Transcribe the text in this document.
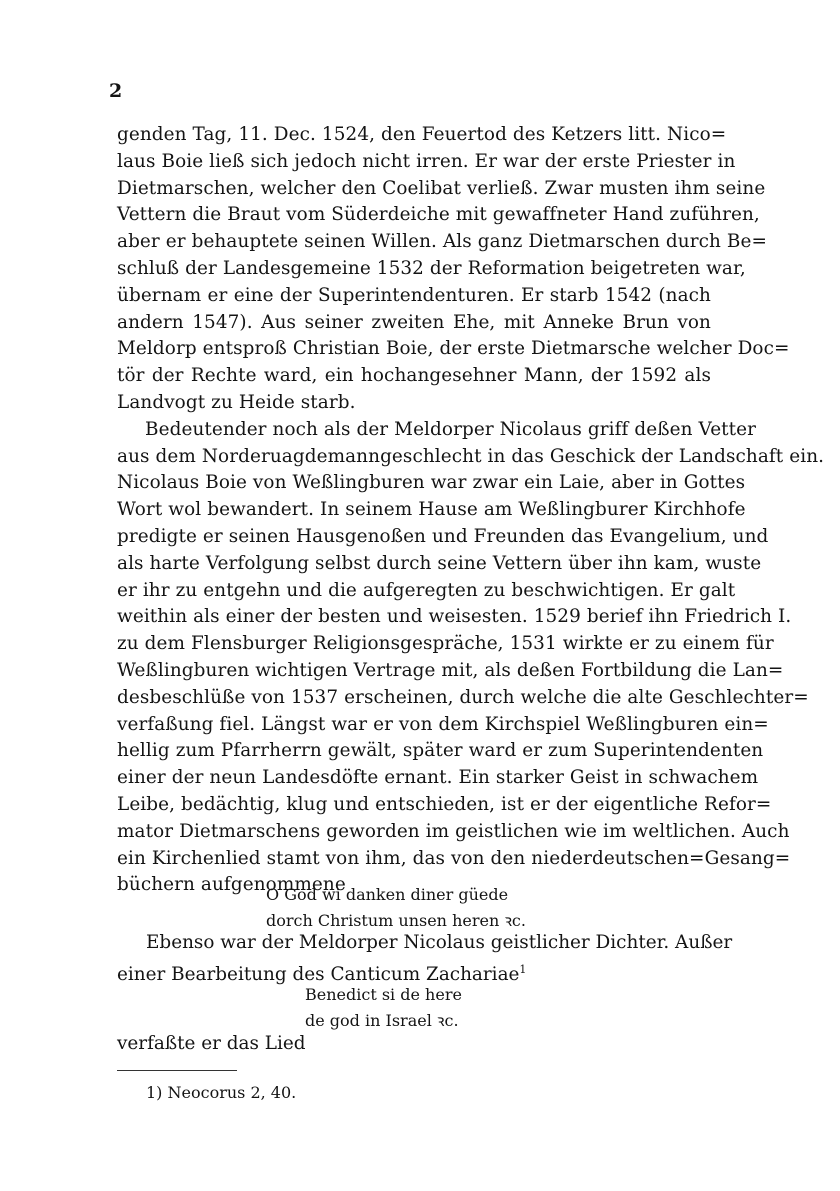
2
genden Tag, 11. Dec. 1524, den Feuertod des Ketzers litt. Nico=
laus Boie ließ sich jedoch nicht irren. Er war der erste Priester in
Dietmarschen, welcher den Coelibat verließ. Zwar musten ihm seine
Vettern die Braut vom Süderdeiche mit gewaffneter Hand zuführen,
aber er behauptete seinen Willen. Als ganz Dietmarschen durch Be=
schluß der Landesgemeine 1532 der Reformation beigetreten war,
übernam er eine der Superintendenturen. Er starb 1542 (nach
andern 1547). Aus seiner zweiten Ehe, mit Anneke Brun von
Meldorp entsproß Christian Boie, der erste Dietmarsche welcher Doc=
tör der Rechte ward, ein hochangesehner Mann, der 1592 als
Landvogt zu Heide starb.
Bedeutender noch als der Meldorper Nicolaus griff deßen Vetter
aus dem Norderuagdemanngeschlecht in das Geschick der Landschaft ein.
Nicolaus Boie von Weßlingburen war zwar ein Laie, aber in Gottes
Wort wol bewandert. In seinem Hause am Weßlingburer Kirchhofe
predigte er seinen Hausgenoßen und Freunden das Evangelium, und
als harte Verfolgung selbst durch seine Vettern über ihn kam, wuste
er ihr zu entgehn und die aufgeregten zu beschwichtigen. Er galt
weithin als einer der besten und weisesten. 1529 berief ihn Friedrich I.
zu dem Flensburger Religionsgespräche, 1531 wirkte er zu einem für
Weßlingburen wichtigen Vertrage mit, als deßen Fortbildung die Lan=
desbeschlüße von 1537 erscheinen, durch welche die alte Geschlechter=
verfaßung fiel. Längst war er von dem Kirchspiel Weßlingburen ein=
hellig zum Pfarrherrn gewält, später ward er zum Superintendenten
einer der neun Landesdöfte ernant. Ein starker Geist in schwachem
Leibe, bedächtig, klug und entschieden, ist er der eigentliche Refor=
mator Dietmarschens geworden im geistlichen wie im weltlichen. Auch
ein Kirchenlied stamt von ihm, das von den niederdeutschen=Gesang=
büchern aufgenommene
O God wi danken diner güede
dorch Christum unsen heren ꝛc.
Ebenso war der Meldorper Nicolaus geistlicher Dichter. Außer
einer Bearbeitung des Canticum Zachariae$^1$
Benedict si de here
de god in Israel ꝛc.
verfaßte er das Lied
1) Neocorus 2, 40.
